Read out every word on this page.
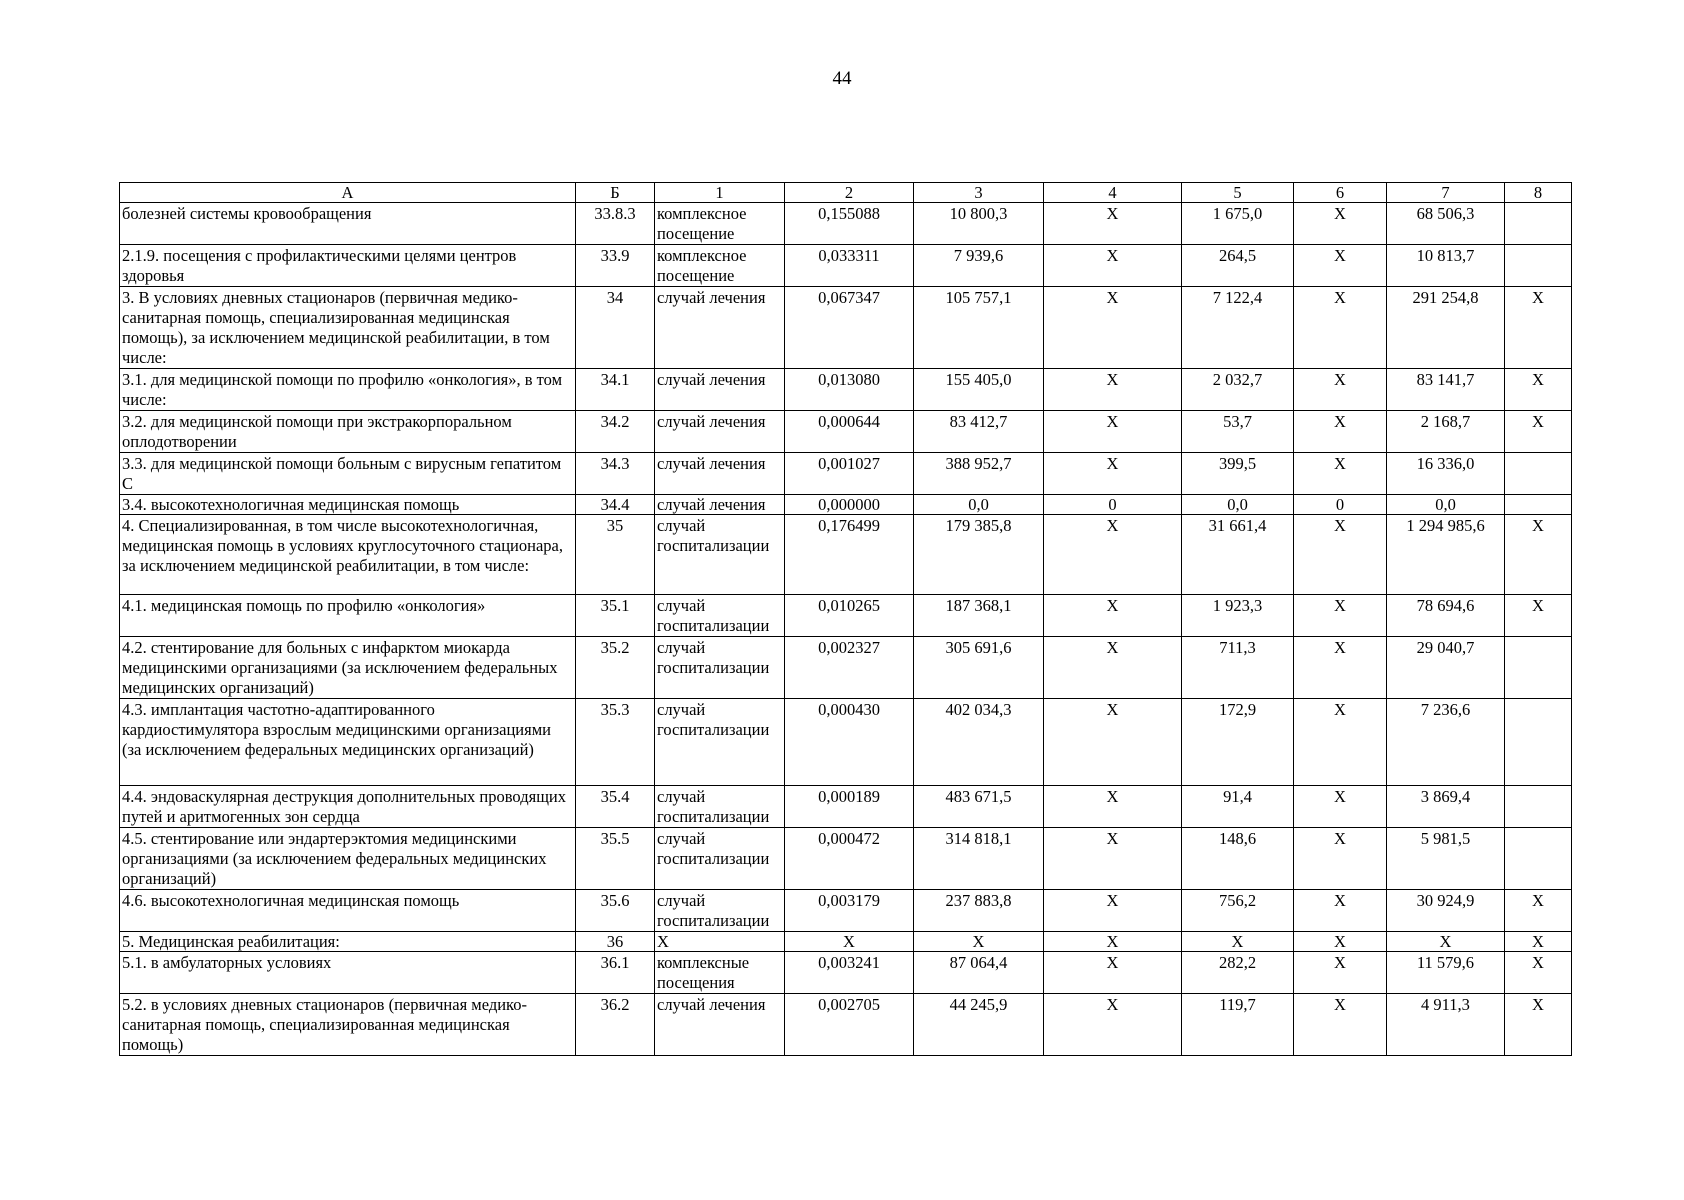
44
А	Б	1	2	3	4	5	6	7	8
болезней системы кровообращения	33.8.3	комплексное посещение	0,155088	10 800,3	X	1 675,0	X	68 506,3	
2.1.9. посещения с профилактическими целями центров здоровья	33.9	комплексное посещение	0,033311	7 939,6	X	264,5	X	10 813,7	
3. В условиях дневных стационаров (первичная медико-санитарная помощь, специализированная медицинская помощь), за исключением медицинской реабилитации, в том числе:	34	случай лечения	0,067347	105 757,1	X	7 122,4	X	291 254,8	X
3.1. для медицинской помощи по профилю «онкология», в том числе:	34.1	случай лечения	0,013080	155 405,0	X	2 032,7	X	83 141,7	X
3.2. для медицинской помощи при экстракорпоральном оплодотворении	34.2	случай лечения	0,000644	83 412,7	X	53,7	X	2 168,7	X
3.3. для медицинской помощи больным с вирусным гепатитом С	34.3	случай лечения	0,001027	388 952,7	X	399,5	X	16 336,0	
3.4. высокотехнологичная медицинская помощь	34.4	случай лечения	0,000000	0,0	0	0,0	0	0,0	
4. Специализированная, в том числе высокотехнологичная, медицинская помощь в условиях круглосуточного стационара, за исключением медицинской реабилитации, в том числе:	35	случай госпитализации	0,176499	179 385,8	X	31 661,4	X	1 294 985,6	X
4.1. медицинская помощь по профилю «онкология»	35.1	случай госпитализации	0,010265	187 368,1	X	1 923,3	X	78 694,6	X
4.2. стентирование для больных с инфарктом миокарда медицинскими организациями (за исключением федеральных медицинских организаций)	35.2	случай госпитализации	0,002327	305 691,6	X	711,3	X	29 040,7	
4.3. имплантация частотно-адаптированного кардиостимулятора взрослым медицинскими организациями (за исключением федеральных медицинских организаций)	35.3	случай госпитализации	0,000430	402 034,3	X	172,9	X	7 236,6	
4.4. эндоваскулярная деструкция дополнительных проводящих путей и аритмогенных зон сердца	35.4	случай госпитализации	0,000189	483 671,5	X	91,4	X	3 869,4	
4.5. стентирование или эндартерэктомия медицинскими организациями (за исключением федеральных медицинских организаций)	35.5	случай госпитализации	0,000472	314 818,1	X	148,6	X	5 981,5	
4.6. высокотехнологичная медицинская помощь	35.6	случай госпитализации	0,003179	237 883,8	X	756,2	X	30 924,9	X
5. Медицинская реабилитация:	36	X	X	X	X	X	X	X	X
5.1. в амбулаторных условиях	36.1	комплексные посещения	0,003241	87 064,4	X	282,2	X	11 579,6	X
5.2. в условиях дневных стационаров (первичная медико-санитарная помощь, специализированная медицинская помощь)	36.2	случай лечения	0,002705	44 245,9	X	119,7	X	4 911,3	X
